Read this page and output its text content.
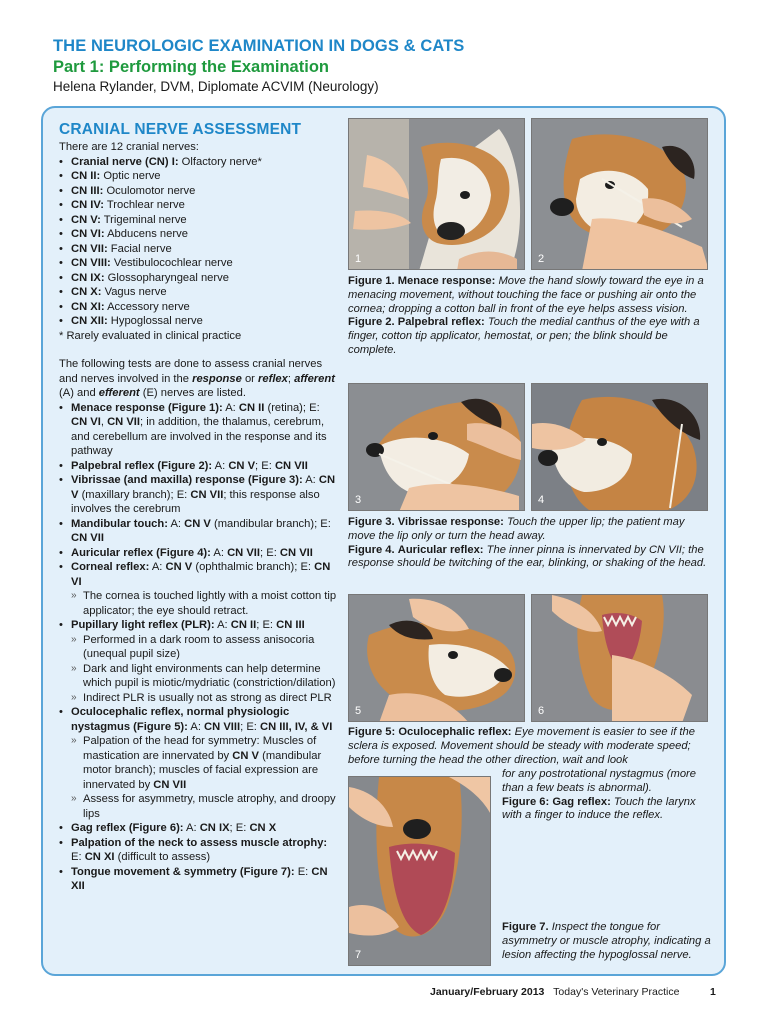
THE NEUROLOGIC EXAMINATION IN DOGS & CATS
Part 1: Performing the Examination
Helena Rylander, DVM, Diplomate ACVIM (Neurology)
CRANIAL NERVE ASSESSMENT

There are 12 cranial nerves:

• Cranial nerve (CN) I: Olfactory nerve*
• CN II: Optic nerve
• CN III: Oculomotor nerve
• CN IV: Trochlear nerve
• CN V: Trigeminal nerve
• CN VI: Abducens nerve
• CN VII: Facial nerve
• CN VIII: Vestibulocochlear nerve
• CN IX: Glossopharyngeal nerve
• CN X: Vagus nerve
• CN XI: Accessory nerve
• CN XII: Hypoglossal nerve

* Rarely evaluated in clinical practice

The following tests are done to assess cranial nerves and nerves involved in the response or reflex; afferent (A) and efferent (E) nerves are listed.

• Menace response (Figure 1): A: CN II (retina); E: CN VI, CN VII; in addition, the thalamus, cerebrum, and cerebellum are involved in the response and its pathway
• Palpebral reflex (Figure 2): A: CN V; E: CN VII
• Vibrissae (and maxilla) response (Figure 3): A: CN V (maxillary branch); E: CN VII; this response also involves the cerebrum
• Mandibular touch: A: CN V (mandibular branch); E: CN VII
• Auricular reflex (Figure 4): A: CN VII; E: CN VII
• Corneal reflex: A: CN V (ophthalmic branch); E: CN VI
» The cornea is touched lightly with a moist cotton tip applicator; the eye should retract.
• Pupillary light reflex (PLR): A: CN II; E: CN III
» Performed in a dark room to assess anisocoria (unequal pupil size)
» Dark and light environments can help determine which pupil is miotic/mydriatic (constriction/dilation)
» Indirect PLR is usually not as strong as direct PLR
• Oculocephalic reflex, normal physiologic nystagmus (Figure 5): A: CN VIII; E: CN III, IV, & VI
» Palpation of the head for symmetry: Muscles of mastication are innervated by CN V (mandibular motor branch); muscles of facial expression are innervated by CN VII
» Assess for asymmetry, muscle atrophy, and droopy lips
• Gag reflex (Figure 6): A: CN IX; E: CN X
• Palpation of the neck to assess muscle atrophy: E: CN XI (difficult to assess)
• Tongue movement & symmetry (Figure 7): E: CN XII
1	2
Figure 1. Menace response: Move the hand slowly toward the eye in a menacing movement, without touching the face or pushing air onto the cornea; dropping a cotton ball in front of the eye helps assess vision.
Figure 2. Palpebral reflex: Touch the medial canthus of the eye with a finger, cotton tip applicator, hemostat, or pen; the blink should be complete.
3	4
Figure 3. Vibrissae response: Touch the upper lip; the patient may move the lip only or turn the head away.
Figure 4. Auricular reflex: The inner pinna is innervated by CN VII; the response should be twitching of the ear, blinking, or shaking of the head.
5	6
Figure 5: Oculocephalic reflex: Eye movement is easier to see if the sclera is exposed. Movement should be steady with moderate speed; before turning the head the other direction, wait and look
for any postrotational nystagmus (more than a few beats is abnormal).
Figure 6: Gag reflex: Touch the larynx with a finger to induce the reflex.
7
Figure 7. Inspect the tongue for asymmetry or muscle atrophy, indicating a lesion affecting the hypoglossal nerve.
January/February 2013 Today's Veterinary Practice	1
